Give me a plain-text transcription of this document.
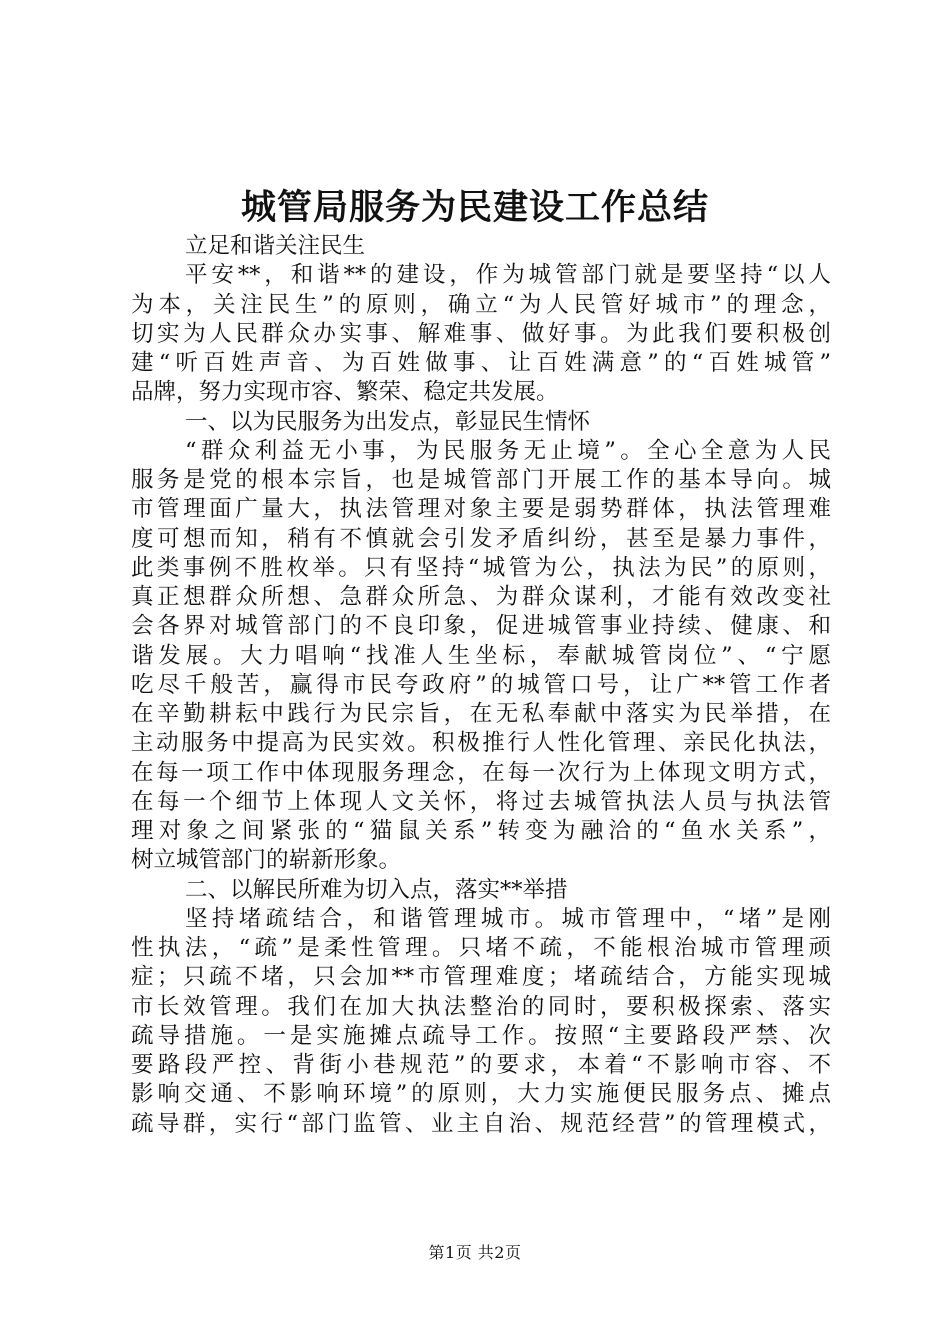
城管局服务为民建设工作总结
立足和谐关注民生
平安**，和谐**的建设，作为城管部门就是要坚持“以人
为本，关注民生”的原则，确立“为人民管好城市”的理念，
切实为人民群众办实事、解难事、做好事。为此我们要积极创
建“听百姓声音、为百姓做事、让百姓满意”的“百姓城管”
品牌，努力实现市容、繁荣、稳定共发展。
一、以为民服务为出发点，彰显民生情怀
“群众利益无小事，为民服务无止境”。全心全意为人民
服务是党的根本宗旨，也是城管部门开展工作的基本导向。城
市管理面广量大，执法管理对象主要是弱势群体，执法管理难
度可想而知，稍有不慎就会引发矛盾纠纷，甚至是暴力事件，
此类事例不胜枚举。只有坚持“城管为公，执法为民”的原则，
真正想群众所想、急群众所急、为群众谋利，才能有效改变社
会各界对城管部门的不良印象，促进城管事业持续、健康、和
谐发展。大力唱响“找准人生坐标，奉献城管岗位”、“宁愿
吃尽千般苦，赢得市民夸政府”的城管口号，让广**管工作者
在辛勤耕耘中践行为民宗旨，在无私奉献中落实为民举措，在
主动服务中提高为民实效。积极推行人性化管理、亲民化执法，
在每一项工作中体现服务理念，在每一次行为上体现文明方式，
在每一个细节上体现人文关怀，将过去城管执法人员与执法管
理对象之间紧张的“猫鼠关系”转变为融洽的“鱼水关系”，
树立城管部门的崭新形象。
二、以解民所难为切入点，落实**举措
坚持堵疏结合，和谐管理城市。城市管理中，“堵”是刚
性执法，“疏”是柔性管理。只堵不疏，不能根治城市管理顽
症；只疏不堵，只会加**市管理难度；堵疏结合，方能实现城
市长效管理。我们在加大执法整治的同时，要积极探索、落实
疏导措施。一是实施摊点疏导工作。按照“主要路段严禁、次
要路段严控、背街小巷规范”的要求，本着“不影响市容、不
影响交通、不影响环境”的原则，大力实施便民服务点、摊点
疏导群，实行“部门监管、业主自治、规范经营”的管理模式，
第1页 共2页
